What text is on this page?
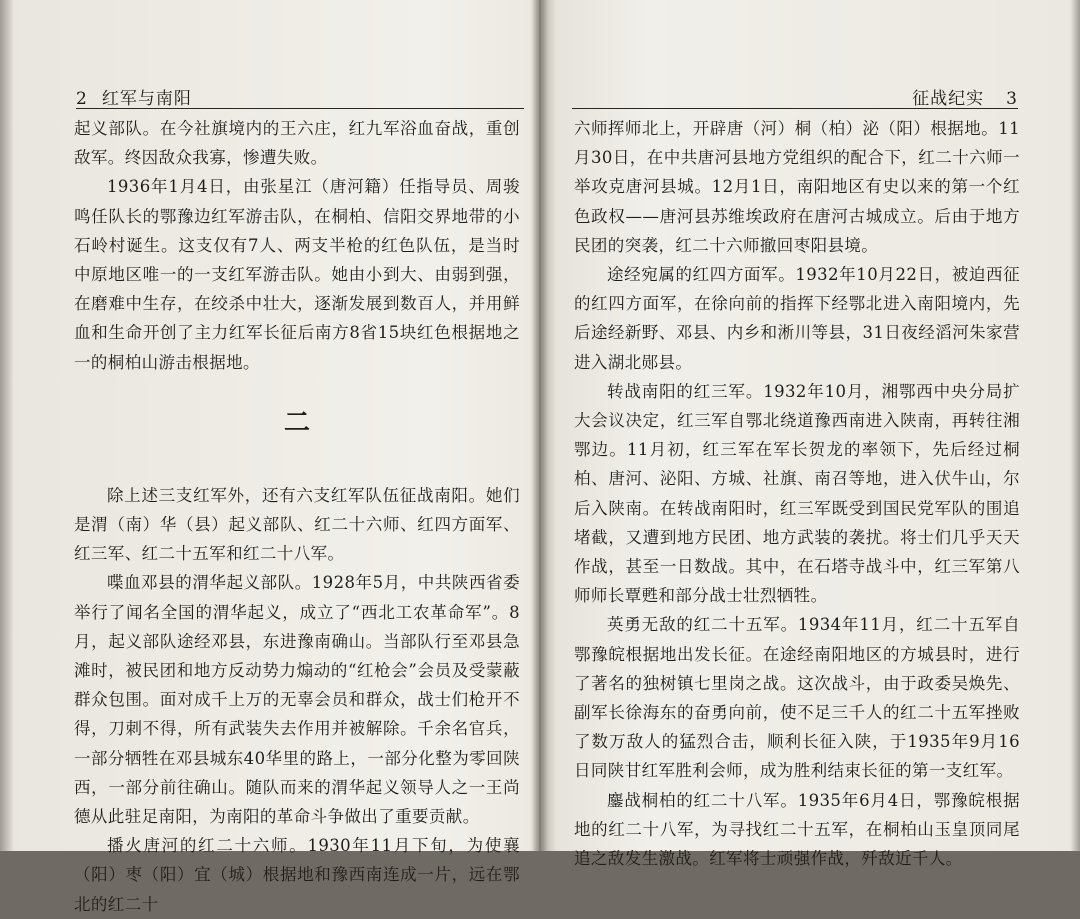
2 红军与南阳

起义部队。在今社旗境内的王六庄，红九军浴血奋战，重创敌军。终因敌众我寡，惨遭失败。

1936年1月4日，由张星江（唐河籍）任指导员、周骏鸣任队长的鄂豫边红军游击队，在桐柏、信阳交界地带的小石岭村诞生。这支仅有7人、两支半枪的红色队伍，是当时中原地区唯一的一支红军游击队。她由小到大、由弱到强，在磨难中生存，在绞杀中壮大，逐渐发展到数百人，并用鲜血和生命开创了主力红军长征后南方8省15块红色根据地之一的桐柏山游击根据地。

二

除上述三支红军外，还有六支红军队伍征战南阳。她们是渭（南）华（县）起义部队、红二十六师、红四方面军、红三军、红二十五军和红二十八军。

喋血邓县的渭华起义部队。1928年5月，中共陕西省委举行了闻名全国的渭华起义，成立了“西北工农革命军”。8月，起义部队途经邓县，东进豫南确山。当部队行至邓县急滩时，被民团和地方反动势力煽动的“红枪会”会员及受蒙蔽群众包围。面对成千上万的无辜会员和群众，战士们枪开不得，刀刺不得，所有武装失去作用并被解除。千余名官兵，一部分牺牲在邓县城东40华里的路上，一部分化整为零回陕西，一部分前往确山。随队而来的渭华起义领导人之一王尚德从此驻足南阳，为南阳的革命斗争做出了重要贡献。

播火唐河的红二十六师。1930年11月下旬，为使襄（阳）枣（阳）宜（城）根据地和豫西南连成一片，远在鄂北的红二十

征战纪实 3

六师挥师北上，开辟唐（河）桐（柏）泌（阳）根据地。11月30日，在中共唐河县地方党组织的配合下，红二十六师一举攻克唐河县城。12月1日，南阳地区有史以来的第一个红色政权——唐河县苏维埃政府在唐河古城成立。后由于地方民团的突袭，红二十六师撤回枣阳县境。

途经宛属的红四方面军。1932年10月22日，被迫西征的红四方面军，在徐向前的指挥下经鄂北进入南阳境内，先后途经新野、邓县、内乡和淅川等县，31日夜经滔河朱家营进入湖北郧县。

转战南阳的红三军。1932年10月，湘鄂西中央分局扩大会议决定，红三军自鄂北绕道豫西南进入陕南，再转往湘鄂边。11月初，红三军在军长贺龙的率领下，先后经过桐柏、唐河、泌阳、方城、社旗、南召等地，进入伏牛山，尔后入陕南。在转战南阳时，红三军既受到国民党军队的围追堵截，又遭到地方民团、地方武装的袭扰。将士们几乎天天作战，甚至一日数战。其中，在石塔寺战斗中，红三军第八师师长覃甦和部分战士壮烈牺牲。

英勇无敌的红二十五军。1934年11月，红二十五军自鄂豫皖根据地出发长征。在途经南阳地区的方城县时，进行了著名的独树镇七里岗之战。这次战斗，由于政委吴焕先、副军长徐海东的奋勇向前，使不足三千人的红二十五军挫败了数万敌人的猛烈合击，顺利长征入陕，于1935年9月16日同陕甘红军胜利会师，成为胜利结束长征的第一支红军。

鏖战桐柏的红二十八军。1935年6月4日，鄂豫皖根据地的红二十八军，为寻找红二十五军，在桐柏山玉皇顶同尾追之敌发生激战。红军将士顽强作战，歼敌近千人。
